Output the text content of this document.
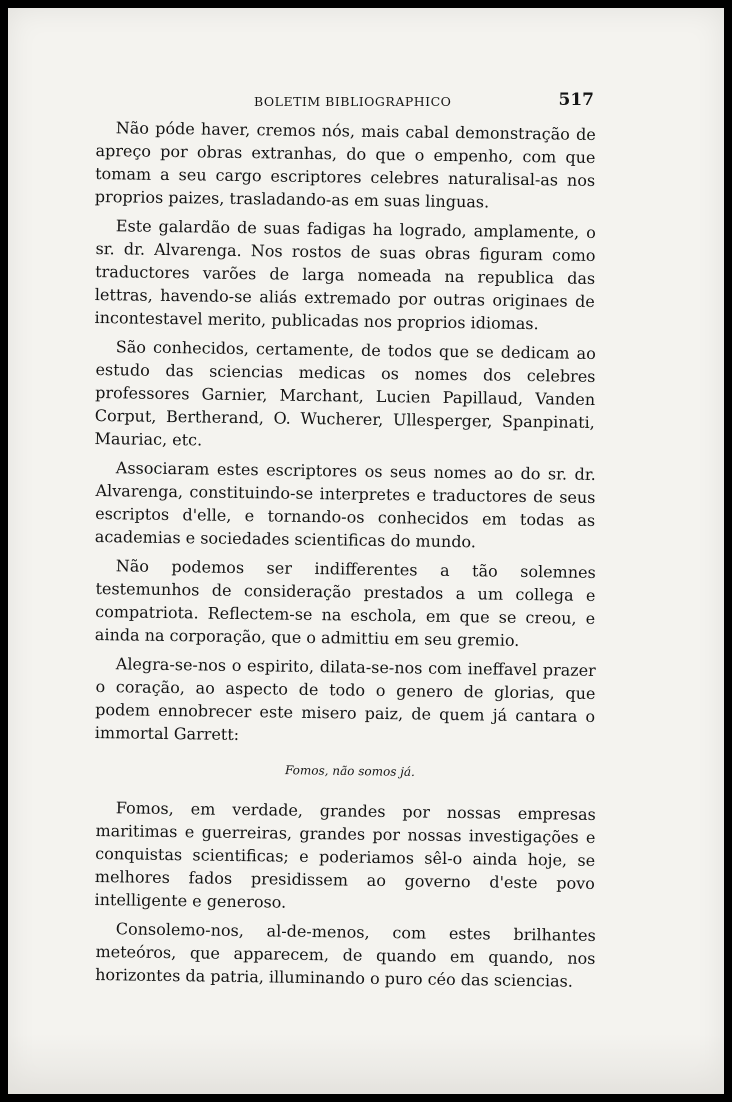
BOLETIM BIBLIOGRAPHICO	517

Não póde haver, cremos nós, mais cabal demonstração de apreço por obras extranhas, do que o empenho, com que tomam a seu cargo escriptores celebres naturalisal-as nos proprios paizes, trasladando-as em suas linguas.

Este galardão de suas fadigas ha logrado, amplamente, o sr. dr. Alvarenga. Nos rostos de suas obras figuram como traductores varões de larga nomeada na republica das lettras, havendo-se aliás extremado por outras originaes de incontestavel merito, publicadas nos proprios idiomas.

São conhecidos, certamente, de todos que se dedicam ao estudo das sciencias medicas os nomes dos celebres professores Garnier, Marchant, Lucien Papillaud, Vanden Corput, Bertherand, O. Wucherer, Ullesperger, Spanpinati, Mauriac, etc.

Associaram estes escriptores os seus nomes ao do sr. dr. Alvarenga, constituindo-se interpretes e traductores de seus escriptos d'elle, e tornando-os conhecidos em todas as academias e sociedades scientificas do mundo.

Não podemos ser indifferentes a tão solemnes testemunhos de consideração prestados a um collega e compatriota. Reflectem-se na eschola, em que se creou, e ainda na corporação, que o admittiu em seu gremio.

Alegra-se-nos o espirito, dilata-se-nos com ineffavel prazer o coração, ao aspecto de todo o genero de glorias, que podem ennobrecer este misero paiz, de quem já cantara o immortal Garrett:

Fomos, não somos já.

Fomos, em verdade, grandes por nossas empresas maritimas e guerreiras, grandes por nossas investigações e conquistas scientificas; e poderiamos sêl-o ainda hoje, se melhores fados presidissem ao governo d'este povo intelligente e generoso.

Consolemo-nos, al-de-menos, com estes brilhantes meteóros, que apparecem, de quando em quando, nos horizontes da patria, illuminando o puro céo das sciencias.
